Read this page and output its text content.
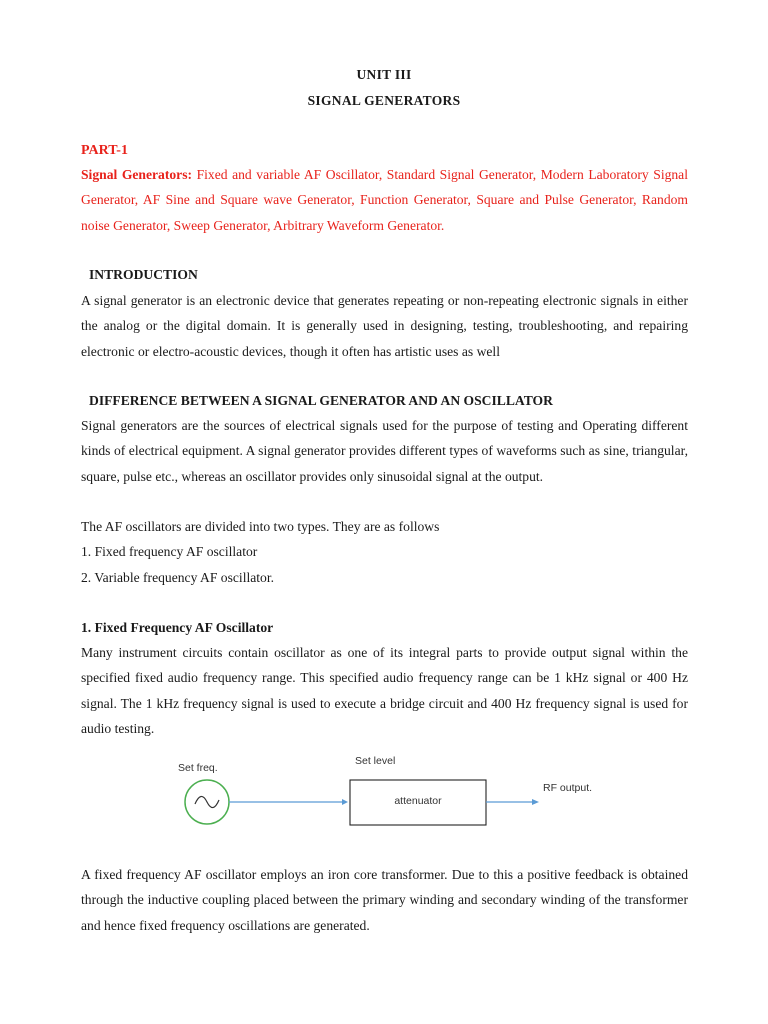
UNIT III
SIGNAL GENERATORS
PART-1
Signal Generators: Fixed and variable AF Oscillator, Standard Signal Generator, Modern Laboratory Signal Generator, AF Sine and Square wave Generator, Function Generator, Square and Pulse Generator, Random noise Generator, Sweep Generator, Arbitrary Waveform Generator.
INTRODUCTION
A signal generator is an electronic device that generates repeating or non-repeating electronic signals in either the analog or the digital domain. It is generally used in designing, testing, troubleshooting, and repairing electronic or electro-acoustic devices, though it often has artistic uses as well
DIFFERENCE BETWEEN A SIGNAL GENERATOR AND AN OSCILLATOR
Signal generators are the sources of electrical signals used for the purpose of testing and Operating different kinds of electrical equipment. A signal generator provides different types of waveforms such as sine, triangular, square, pulse etc., whereas an oscillator provides only sinusoidal signal at the output.
The AF oscillators are divided into two types. They are as follows
1. Fixed frequency AF oscillator
2. Variable frequency AF oscillator.
1. Fixed Frequency AF Oscillator
Many instrument circuits contain oscillator as one of its integral parts to provide output signal within the specified fixed audio frequency range. This specified audio frequency range can be 1 kHz signal or 400 Hz signal. The 1 kHz frequency signal is used to execute a bridge circuit and 400 Hz frequency signal is used for audio testing.
Set freq.
Set level
RF output.
attenuator
A fixed frequency AF oscillator employs an iron core transformer. Due to this a positive feedback is obtained through the inductive coupling placed between the primary winding and secondary winding of the transformer and hence fixed frequency oscillations are generated.
